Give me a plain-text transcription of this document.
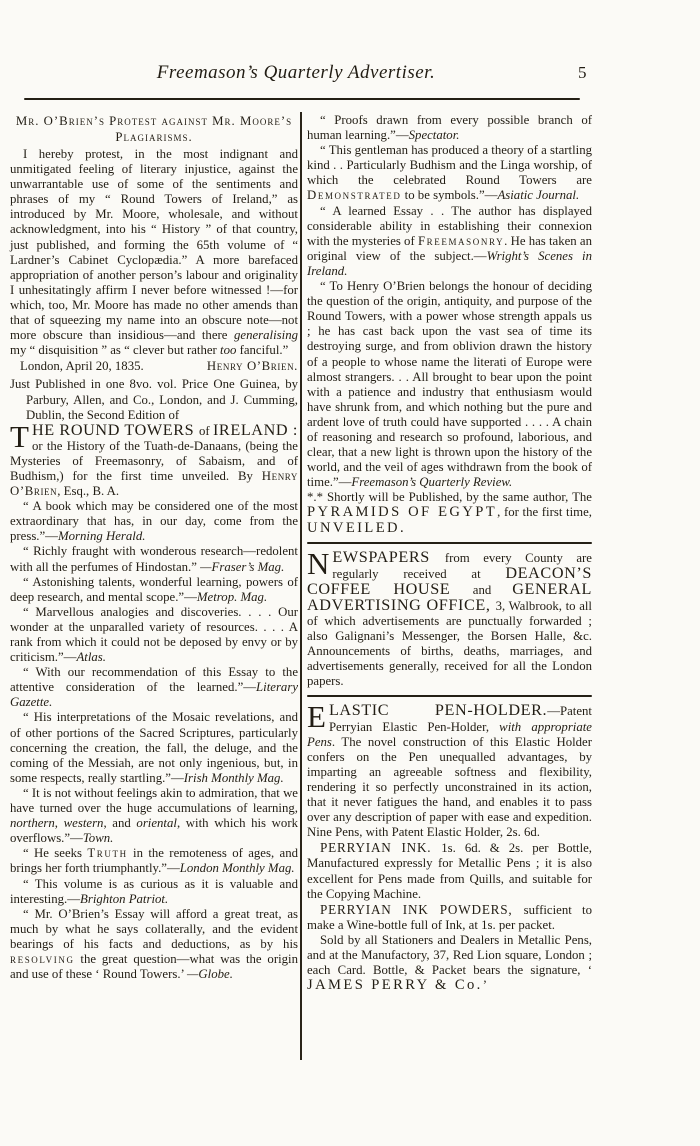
Freemason’s Quarterly Advertiser.	5
Mr. O’Brien’s Protest against Mr. Moore’s
Plagiarisms.

I hereby protest, in the most indignant and unmitigated feeling of literary injustice, against the unwarrantable use of some of the sentiments and phrases of my “ Round Towers of Ireland,” as introduced by Mr. Moore, wholesale, and without acknowledgment, into his “ History ” of that country, just published, and forming the 65th volume of “ Lardner’s Cabinet Cyclopædia.” A more barefaced appropriation of another person’s labour and originality I unhesitatingly affirm I never before witnessed !—for which, too, Mr. Moore has made no other amends than that of squeezing my name into an obscure note—not more obscure than insidious—and there generalising my “ disquisition ” as “ clever but rather too fanciful.”

London, April 20, 1835.	Henry O’Brien.

Just Published in one 8vo. vol. Price One Guinea, by Parbury, Allen, and Co., London, and J. Cumming, Dublin, the Second Edition of

THE ROUND TOWERS of IRELAND : or the History of the Tuath-de-Danaans, (being the Mysteries of Freemasonry, of Sabaism, and of Budhism,) for the first time unveiled. By Henry O’Brien, Esq., B. A.

“ A book which may be considered one of the most extraordinary that has, in our day, come from the press.”—Morning Herald.

“ Richly fraught with wonderous research—redolent with all the perfumes of Hindostan.” —Fraser’s Mag.

“ Astonishing talents, wonderful learning, powers of deep research, and mental scope.”—Metrop. Mag.

“ Marvellous analogies and discoveries. . . . Our wonder at the unparalled variety of resources. . . . A rank from which it could not be deposed by envy or by criticism.”—Atlas.

“ With our recommendation of this Essay to the attentive consideration of the learned.”—Literary Gazette.

“ His interpretations of the Mosaic revelations, and of other portions of the Sacred Scriptures, particularly concerning the creation, the fall, the deluge, and the coming of the Messiah, are not only ingenious, but, in some respects, really startling.”—Irish Monthly Mag.

“ It is not without feelings akin to admiration, that we have turned over the huge accumulations of learning, northern, western, and oriental, with which his work overflows.”—Town.

“ He seeks Truth in the remoteness of ages, and brings her forth triumphantly.”—London Monthly Mag.

“ This volume is as curious as it is valuable and interesting.—Brighton Patriot.

“ Mr. O’Brien’s Essay will afford a great treat, as much by what he says collaterally, and the evident bearings of his facts and deductions, as by his resolving the great question—what was the origin and use of these ‘ Round Towers.’ —Globe.

“ Proofs drawn from every possible branch of human learning.”—Spectator.

“ This gentleman has produced a theory of a startling kind . . Particularly Budhism and the Linga worship, of which the celebrated Round Towers are Demonstrated to be symbols.”—Asiatic Journal.

“ A learned Essay . . The author has displayed considerable ability in establishing their connexion with the mysteries of Freemasonry. He has taken an original view of the subject.—Wright’s Scenes in Ireland.

“ To Henry O’Brien belongs the honour of deciding the question of the origin, antiquity, and purpose of the Round Towers, with a power whose strength appals us ; he has cast back upon the vast sea of time its destroying surge, and from oblivion drawn the history of a people to whose name the literati of Europe were almost strangers. . . All brought to bear upon the point with a patience and industry that enthusiasm would have shrunk from, and which nothing but the pure and ardent love of truth could have supported . . . . A chain of reasoning and research so profound, laborious, and clear, that a new light is thrown upon the history of the world, and the veil of ages withdrawn from the book of time.”—Freemason’s Quarterly Review.

*.* Shortly will be Published, by the same author, The PYRAMIDS OF EGYPT, for the first time, UNVEILED.

NEWSPAPERS from every County are regularly received at DEACON’S COFFEE HOUSE and GENERAL ADVERTISING OFFICE, 3, Walbrook, to all of which advertisements are punctually forwarded ; also Galignani’s Messenger, the Borsen Halle, &c. Announcements of births, deaths, marriages, and advertisements generally, received for all the London papers.

ELASTIC PEN-HOLDER.—Patent Perryian Elastic Pen-Holder, with appropriate Pens. The novel construction of this Elastic Holder confers on the Pen unequalled advantages, by imparting an agreeable softness and flexibility, rendering it so perfectly unconstrained in its action, that it never fatigues the hand, and enables it to pass over any description of paper with ease and expedition. Nine Pens, with Patent Elastic Holder, 2s. 6d.

PERRYIAN INK. 1s. 6d. & 2s. per Bottle, Manufactured expressly for Metallic Pens ; it is also excellent for Pens made from Quills, and suitable for the Copying Machine.

PERRYIAN INK POWDERS, sufficient to make a Wine-bottle full of Ink, at 1s. per packet.

Sold by all Stationers and Dealers in Metallic Pens, and at the Manufactory, 37, Red Lion square, London ; each Card. Bottle, & Packet bears the signature, ‘ JAMES PERRY & Co.’
